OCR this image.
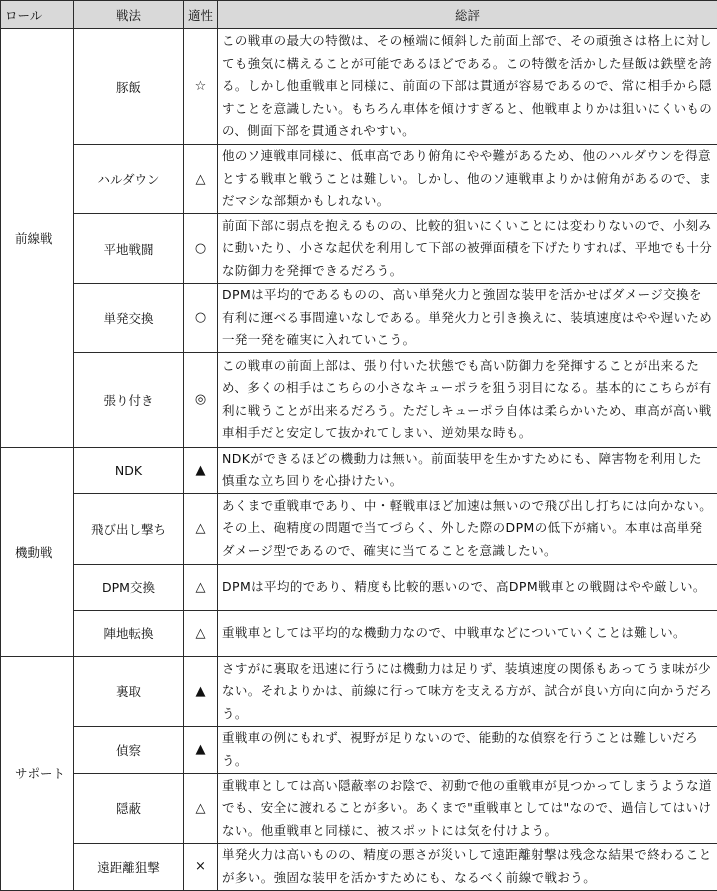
ロール	戦法	適性	総評
前線戦	豚飯	☆	この戦車の最大の特徴は、その極端に傾斜した前面上部で、その頑強さは格上に対しても強気に構えることが可能であるほどである。この特徴を活かした昼飯は鉄壁を誇る。しかし他重戦車と同様に、前面の下部は貫通が容易であるので、常に相手から隠すことを意識したい。もちろん車体を傾けすぎると、他戦車よりかは狙いにくいものの、側面下部を貫通されやすい。
	ハルダウン	△	他のソ連戦車同様に、低車高であり俯角にやや難があるため、他のハルダウンを得意とする戦車と戦うことは難しい。しかし、他のソ連戦車よりかは俯角があるので、まだマシな部類かもしれない。
	平地戦闘	○	前面下部に弱点を抱えるものの、比較的狙いにくいことには変わりないので、小刻みに動いたり、小さな起伏を利用して下部の被弾面積を下げたりすれば、平地でも十分な防御力を発揮できるだろう。
	単発交換	○	DPMは平均的であるものの、高い単発火力と強固な装甲を活かせばダメージ交換を有利に運べる事間違いなしである。単発火力と引き換えに、装填速度はやや遅いため一発一発を確実に入れていこう。
	張り付き	◎	この戦車の前面上部は、張り付いた状態でも高い防御力を発揮することが出来るため、多くの相手はこちらの小さなキューポラを狙う羽目になる。基本的にこちらが有利に戦うことが出来るだろう。ただしキューポラ自体は柔らかいため、車高が高い戦車相手だと安定して抜かれてしまい、逆効果な時も。
機動戦	NDK	▲	NDKができるほどの機動力は無い。前面装甲を生かすためにも、障害物を利用した慎重な立ち回りを心掛けたい。
	飛び出し撃ち	△	あくまで重戦車であり、中・軽戦車ほど加速は無いので飛び出し打ちには向かない。その上、砲精度の問題で当てづらく、外した際のDPMの低下が痛い。本車は高単発ダメージ型であるので、確実に当てることを意識したい。
	DPM交換	△	DPMは平均的であり、精度も比較的悪いので、高DPM戦車との戦闘はやや厳しい。
	陣地転換	△	重戦車としては平均的な機動力なので、中戦車などについていくことは難しい。
サポート	裏取	▲	さすがに裏取を迅速に行うには機動力は足りず、装填速度の関係もあってうま味が少ない。それよりかは、前線に行って味方を支える方が、試合が良い方向に向かうだろう。
	偵察	▲	重戦車の例にもれず、視野が足りないので、能動的な偵察を行うことは難しいだろう。
	隠蔽	△	重戦車としては高い隠蔽率のお陰で、初動で他の重戦車が見つかってしまうような道でも、安全に渡れることが多い。あくまで"重戦車としては"なので、過信してはいけない。他重戦車と同様に、被スポットには気を付けよう。
	遠距離狙撃	×	単発火力は高いものの、精度の悪さが災いして遠距離射撃は残念な結果で終わることが多い。強固な装甲を活かすためにも、なるべく前線で戦おう。
